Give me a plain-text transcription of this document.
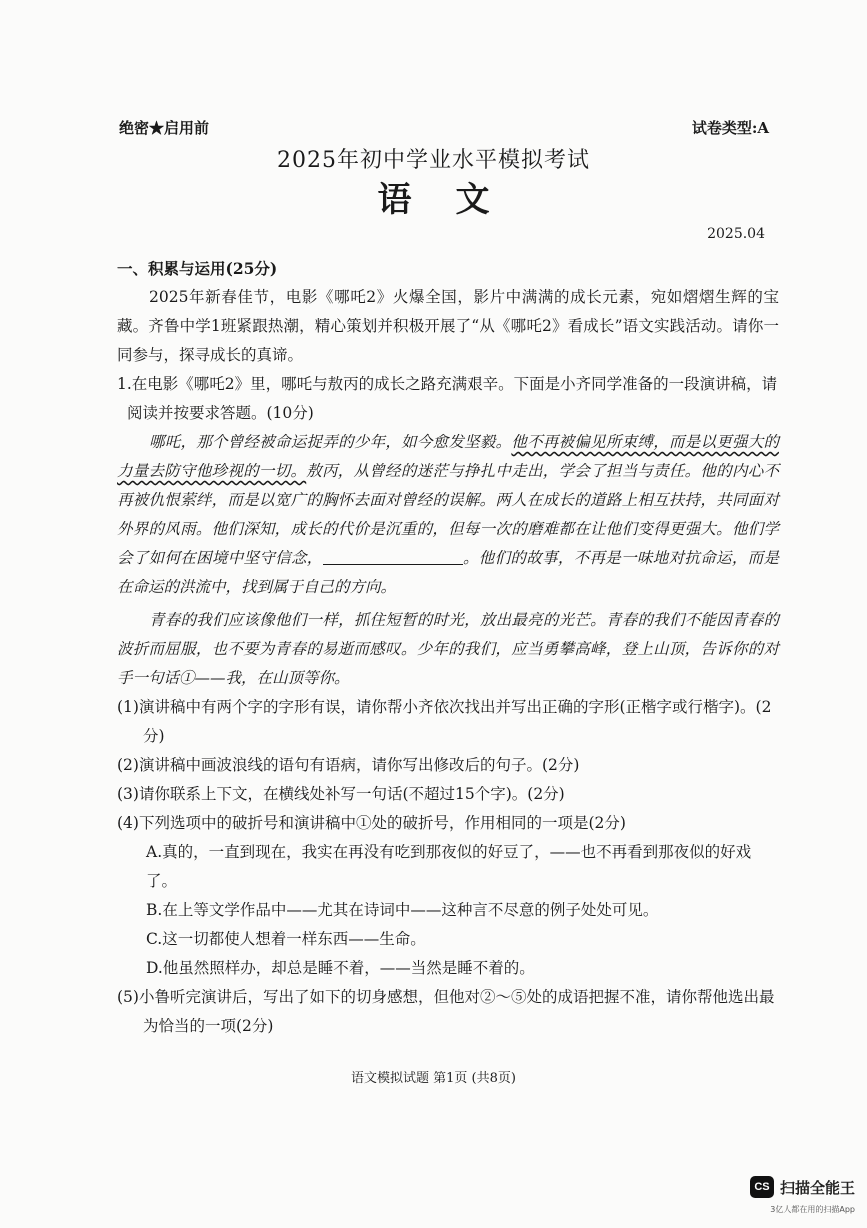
绝密★启用前	试卷类型:A
2025年初中学业水平模拟考试
语文
2025.04

一、积累与运用(25分)

2025年新春佳节，电影《哪吒2》火爆全国，影片中满满的成长元素，宛如熠熠生辉的宝藏。齐鲁中学1班紧跟热潮，精心策划并积极开展了“从《哪吒2》看成长”语文实践活动。请你一同参与，探寻成长的真谛。

1.在电影《哪吒2》里，哪吒与敖丙的成长之路充满艰辛。下面是小齐同学准备的一段演讲稿，请阅读并按要求答题。(10分)

哪吒，那个曾经被命运捉弄的少年，如今愈发坚毅。他不再被偏见所束缚，而是以更强大的力量去防守他珍视的一切。敖丙，从曾经的迷茫与挣扎中走出，学会了担当与责任。他的内心不再被仇恨萦绊，而是以宽广的胸怀去面对曾经的误解。两人在成长的道路上相互扶持，共同面对外界的风雨。他们深知，成长的代价是沉重的，但每一次的磨难都在让他们变得更强大。他们学会了如何在困境中坚守信念，	。他们的故事，不再是一味地对抗命运，而是在命运的洪流中，找到属于自己的方向。

青春的我们应该像他们一样，抓住短暂的时光，放出最亮的光芒。青春的我们不能因青春的波折而屈服，也不要为青春的易逝而感叹。少年的我们，应当勇攀高峰，登上山顶，告诉你的对手一句话①——我，在山顶等你。

(1)演讲稿中有两个字的字形有误，请你帮小齐依次找出并写出正确的字形(正楷字或行楷字)。(2分)

(2)演讲稿中画波浪线的语句有语病，请你写出修改后的句子。(2分)

(3)请你联系上下文，在横线处补写一句话(不超过15个字)。(2分)

(4)下列选项中的破折号和演讲稿中①处的破折号，作用相同的一项是(2分)

A.真的，一直到现在，我实在再没有吃到那夜似的好豆了，——也不再看到那夜似的好戏了。

B.在上等文学作品中——尤其在诗词中——这种言不尽意的例子处处可见。

C.这一切都使人想着一样东西——生命。

D.他虽然照样办，却总是睡不着，——当然是睡不着的。

(5)小鲁听完演讲后，写出了如下的切身感想，但他对②～⑤处的成语把握不准，请你帮他选出最为恰当的一项(2分)

语文模拟试题 第1页 (共8页)
CS 扫描全能王
3亿人都在用的扫描App
